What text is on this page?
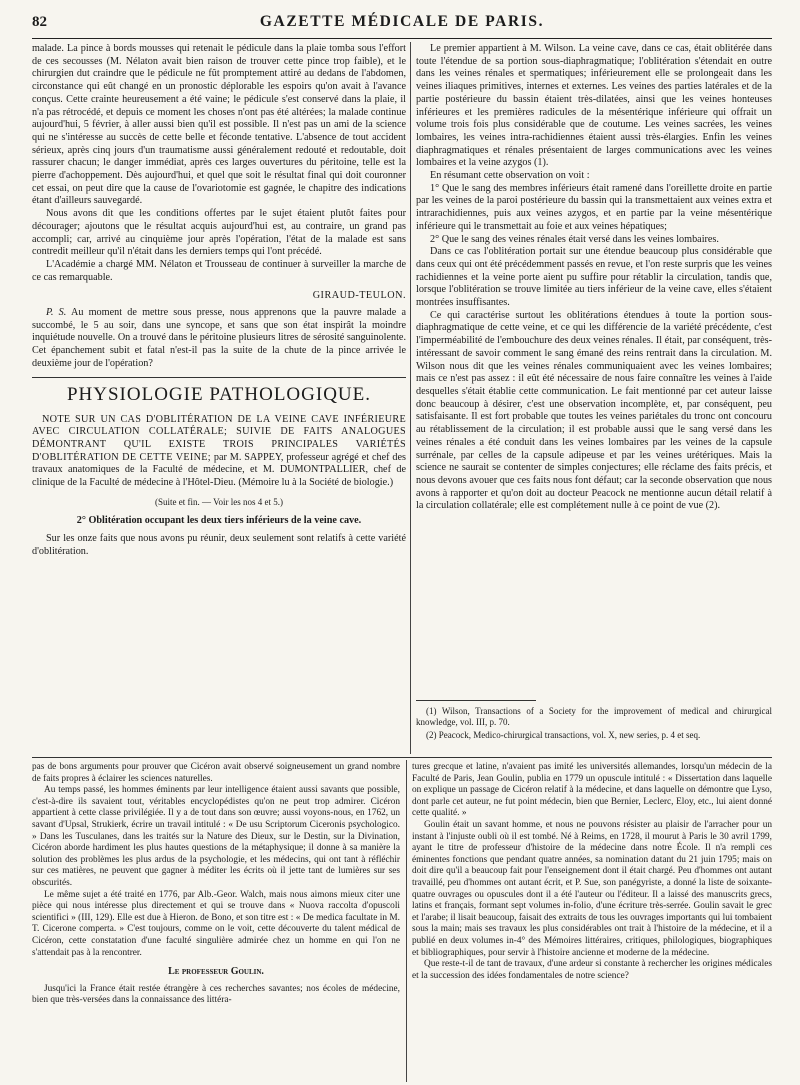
82	GAZETTE MÉDICALE DE PARIS.

malade. La pince à bords mousses qui retenait le pédicule dans la plaie tomba sous l'effort de ces secousses (M. Nélaton avait bien raison de trouver cette pince trop faible), et le chirurgien dut craindre que le pédicule ne fût promptement attiré au dedans de l'abdomen, circonstance qui eût changé en un pronostic déplorable les espoirs qu'on avait à l'avance conçus. Cette crainte heureusement a été vaine; le pédicule s'est conservé dans la plaie, il n'a pas rétrocédé, et depuis ce moment les choses n'ont pas été altérées; la malade continue aujourd'hui, 5 février, à aller aussi bien qu'il est possible. Il n'est pas un ami de la science qui ne s'intéresse au succès de cette belle et féconde tentative. L'absence de tout accident sérieux, après cinq jours d'un traumatisme aussi généralement redouté et redoutable, doit rassurer chacun; le danger immédiat, après ces larges ouvertures du péritoine, telle est la pierre d'achoppement. Dès aujourd'hui, et quel que soit le résultat final qui doit couronner cet essai, on peut dire que la cause de l'ovariotomie est gagnée, le chapitre des indications étant d'ailleurs sauvegardé.

Nous avons dit que les conditions offertes par le sujet étaient plutôt faites pour décourager; ajoutons que le résultat acquis aujourd'hui est, au contraire, un grand pas accompli; car, arrivé au cinquième jour après l'opération, l'état de la malade est sans contredit meilleur qu'il n'était dans les derniers temps qui l'ont précédé.

L'Académie a chargé MM. Nélaton et Trousseau de continuer à surveiller la marche de ce cas remarquable.

GIRAUD-TEULON.

P. S. Au moment de mettre sous presse, nous apprenons que la pauvre malade a succombé, le 5 au soir, dans une syncope, et sans que son état inspirât la moindre inquiétude nouvelle. On a trouvé dans le péritoine plusieurs litres de sérosité sanguinolente. Cet épanchement subit et fatal n'est-il pas la suite de la chute de la pince arrivée le deuxième jour de l'opération?

PHYSIOLOGIE PATHOLOGIQUE.
NOTE SUR UN CAS D'OBLITÉRATION DE LA VEINE CAVE INFÉRIEURE AVEC CIRCULATION COLLATÉRALE; SUIVIE DE FAITS ANALOGUES DÉMONTRANT QU'IL EXISTE TROIS PRINCIPALES VARIÉTÉS D'OBLITÉRATION DE CETTE VEINE; par M. SAPPEY, professeur agrégé et chef des travaux anatomiques de la Faculté de médecine, et M. DUMONTPALLIER, chef de clinique de la Faculté de médecine à l'Hôtel-Dieu. (Mémoire lu à la Société de biologie.)
(Suite et fin. — Voir les nos 4 et 5.)
2° Oblitération occupant les deux tiers inférieurs de la veine cave.

Sur les onze faits que nous avons pu réunir, deux seulement sont relatifs à cette variété d'oblitération.

Le premier appartient à M. Wilson. La veine cave, dans ce cas, était oblitérée dans toute l'étendue de sa portion sous-diaphragmatique; l'oblitération s'étendait en outre dans les veines rénales et spermatiques; inférieurement elle se prolongeait dans les veines iliaques primitives, internes et externes. Les veines des parties latérales et de la partie postérieure du bassin étaient très-dilatées, ainsi que les veines honteuses inférieures et les premières radicules de la mésentérique inférieure qui offrait un volume trois fois plus considérable que de coutume. Les veines sacrées, les veines lombaires, les veines intra-rachidiennes étaient aussi très-élargies. Enfin les veines diaphragmatiques et rénales présentaient de larges communications avec les veines lombaires et la veine azygos (1).

En résumant cette observation on voit :

1° Que le sang des membres inférieurs était ramené dans l'oreillette droite en partie par les veines de la paroi postérieure du bassin qui la transmettaient aux veines extra et intrarachidiennes, puis aux veines azygos, et en partie par la veine mésentérique inférieure qui le transmettait au foie et aux veines hépatiques;

2° Que le sang des veines rénales était versé dans les veines lombaires.

Dans ce cas l'oblitération portait sur une étendue beaucoup plus considérable que dans ceux qui ont été précédemment passés en revue, et l'on reste surpris que les veines rachidiennes et la veine porte aient pu suffire pour rétablir la circulation, tandis que, lorsque l'oblitération se trouve limitée au tiers inférieur de la veine cave, elles s'étaient montrées insuffisantes.

Ce qui caractérise surtout les oblitérations étendues à toute la portion sous-diaphragmatique de cette veine, et ce qui les différencie de la variété précédente, c'est l'imperméabilité de l'embouchure des deux veines rénales. Il était, par conséquent, très-intéressant de savoir comment le sang émané des reins rentrait dans la circulation. M. Wilson nous dit que les veines rénales communiquaient avec les veines lombaires; mais ce n'est pas assez : il eût été nécessaire de nous faire connaître les veines à l'aide desquelles s'était établie cette communication. Le fait mentionné par cet auteur laisse donc beaucoup à désirer, c'est une observation incomplète, et, par conséquent, peu satisfaisante. Il est fort probable que toutes les veines pariétales du tronc ont concouru au rétablissement de la circulation; il est probable aussi que le sang versé dans les veines rénales a été conduit dans les veines lombaires par les veines de la capsule surrénale, par celles de la capsule adipeuse et par les veines urétériques. Mais la science ne saurait se contenter de simples conjectures; elle réclame des faits précis, et nous devons avouer que ces faits nous font défaut; car la seconde observation que nous avons à rapporter et qu'on doit au docteur Peacock ne mentionne aucun détail relatif à la circulation collatérale; elle est complétement nulle à ce point de vue (2).

(1) Wilson, Transactions of a Society for the improvement of medical and chirurgical knowledge, vol. III, p. 70.

(2) Peacock, Medico-chirurgical transactions, vol. X, new series, p. 4 et seq.

pas de bons arguments pour prouver que Cicéron avait observé soigneusement un grand nombre de faits propres à éclairer les sciences naturelles.

Au temps passé, les hommes éminents par leur intelligence étaient aussi savants que possible, c'est-à-dire ils savaient tout, véritables encyclopédistes qu'on ne peut trop admirer. Cicéron appartient à cette classe privilégiée. Il y a de tout dans son œuvre; aussi voyons-nous, en 1762, un savant d'Upsal, Strukierk, écrire un travail intitulé : « De usu Scriptorum Ciceronis psychologico. » Dans les Tusculanes, dans les traités sur la Nature des Dieux, sur le Destin, sur la Divination, Cicéron aborde hardiment les plus hautes questions de la métaphysique; il donne à sa manière la solution des problèmes les plus ardus de la psychologie, et les médecins, qui ont tant à réfléchir sur ces matières, ne peuvent que gagner à méditer les écrits où il jette tant de lumières sur ses obscurités.

Le même sujet a été traité en 1776, par Alb.-Geor. Walch, mais nous aimons mieux citer une pièce qui nous intéresse plus directement et qui se trouve dans « Nuova raccolta d'opuscoli scientifici » (III, 129). Elle est due à Hieron. de Bono, et son titre est : « De medica facultate in M. T. Cicerone comperta. » C'est toujours, comme on le voit, cette découverte du talent médical de Cicéron, cette constatation d'une faculté singulière admirée chez un homme en qui l'on ne s'attendait pas à la rencontrer.

Le professeur Goulin.

Jusqu'ici la France était restée étrangère à ces recherches savantes; nos écoles de médecine, bien que très-versées dans la connaissance des littéra-

tures grecque et latine, n'avaient pas imité les universités allemandes, lorsqu'un médecin de la Faculté de Paris, Jean Goulin, publia en 1779 un opuscule intitulé : « Dissertation dans laquelle on explique un passage de Cicéron relatif à la médecine, et dans laquelle on démontre que Lyso, dont parle cet auteur, ne fut point médecin, bien que Bernier, Leclerc, Eloy, etc., lui aient donné cette qualité. »

Goulin était un savant homme, et nous ne pouvons résister au plaisir de l'arracher pour un instant à l'injuste oubli où il est tombé. Né à Reims, en 1728, il mourut à Paris le 30 avril 1799, ayant le titre de professeur d'histoire de la médecine dans notre École. Il n'a rempli ces éminentes fonctions que pendant quatre années, sa nomination datant du 21 juin 1795; mais on doit dire qu'il a beaucoup fait pour l'enseignement dont il était chargé. Peu d'hommes ont autant travaillé, peu d'hommes ont autant écrit, et P. Sue, son panégyriste, a donné la liste de soixante-quatre ouvrages ou opuscules dont il a été l'auteur ou l'éditeur. Il a laissé des manuscrits grecs, latins et français, formant sept volumes in-folio, d'une écriture très-serrée. Goulin savait le grec et l'arabe; il lisait beaucoup, faisait des extraits de tous les ouvrages importants qui lui tombaient sous la main; mais ses travaux les plus considérables ont trait à l'histoire de la médecine, et il a publié en deux volumes in-4° des Mémoires littéraires, critiques, philologiques, biographiques et bibliographiques, pour servir à l'histoire ancienne et moderne de la médecine.

Que reste-t-il de tant de travaux, d'une ardeur si constante à rechercher les origines médicales et la succession des idées fondamentales de notre science?
